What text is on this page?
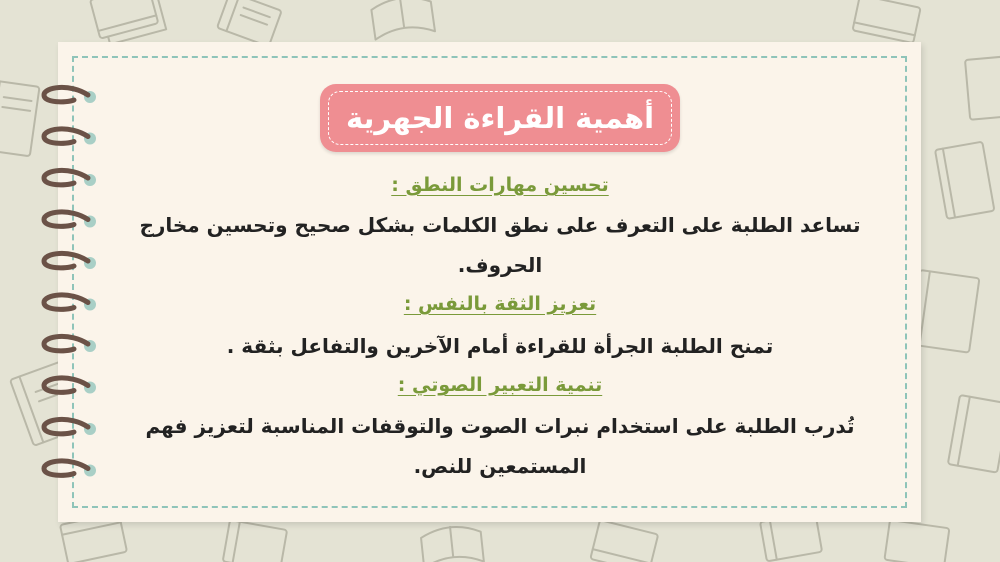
أهمية القراءة الجهرية
تحسين مهارات النطق :
تساعد الطلبة على التعرف على نطق الكلمات بشكل صحيح وتحسين مخارج الحروف.
تعزيز الثقة بالنفس :
تمنح الطلبة الجرأة للقراءة أمام الآخرين والتفاعل بثقة .
تنمية التعبير الصوتي :
تُدرب الطلبة على استخدام نبرات الصوت والتوقفات المناسبة لتعزيز فهم المستمعين للنص.
